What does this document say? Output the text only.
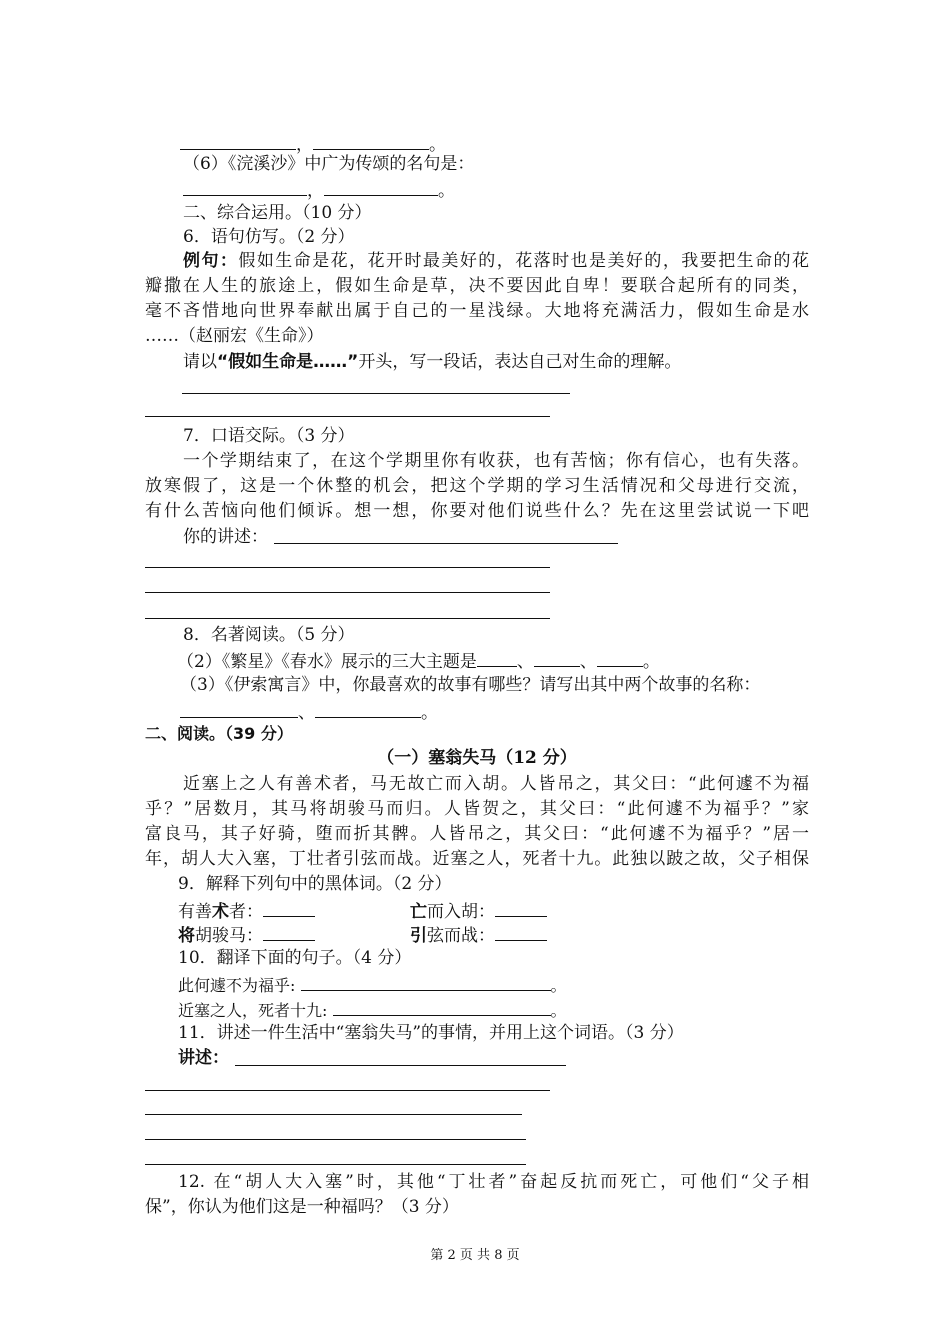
，	。
（6）《浣溪沙》中广为传颂的名句是：
，	。
二、综合运用。（10 分）
6．语句仿写。（2 分）
例句：假如生命是花，花开时最美好的，花落时也是美好的，我要把生命的花
瓣撒在人生的旅途上，假如生命是草，决不要因此自卑！要联合起所有的同类，
毫不吝惜地向世界奉献出属于自己的一星浅绿。大地将充满活力，假如生命是水
……（赵丽宏《生命》）
请以“假如生命是……”开头，写一段话，表达自己对生命的理解。
7．口语交际。（3 分）
一个学期结束了，在这个学期里你有收获，也有苦恼；你有信心，也有失落。
放寒假了，这是一个休整的机会，把这个学期的学习生活情况和父母进行交流，
有什么苦恼向他们倾诉。想一想，你要对他们说些什么？先在这里尝试说一下吧
你的讲述：
8．名著阅读。（5 分）
（2）《繁星》《春水》展示的三大主题是 、	、	。
（3）《伊索寓言》中，你最喜欢的故事有哪些？请写出其中两个故事的名称：
、	。
二、阅读。（39 分）
（一）塞翁失马（12 分）
近塞上之人有善术者，马无故亡而入胡。人皆吊之，其父曰：“此何遽不为福
乎？”居数月，其马将胡骏马而归。人皆贺之，其父曰：“此何遽不为福乎？”家
富良马，其子好骑，堕而折其髀。人皆吊之，其父曰：“此何遽不为福乎？”居一
年，胡人大入塞，丁壮者引弦而战。近塞之人，死者十九。此独以跛之故，父子相保
9．解释下列句中的黑体词。（2 分）
有善术者：	亡而入胡：
将胡骏马：	引弦而战：
10．翻译下面的句子。（4 分）
此何遽不为福乎:	。
近塞之人，死者十九:	。
11．讲述一件生活中“塞翁失马”的事情，并用上这个词语。（3 分）
讲述：
12. 在“胡人大入塞”时，其他“丁壮者”奋起反抗而死亡，可他们“父子相
保”，你认为他们这是一种福吗？（3 分）
第 2 页 共 8 页
